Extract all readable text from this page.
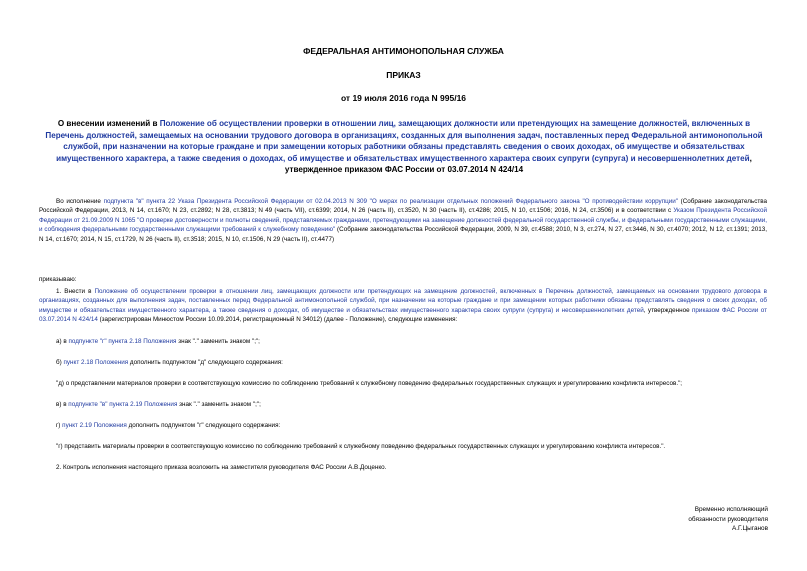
ФЕДЕРАЛЬНАЯ АНТИМОНОПОЛЬНАЯ СЛУЖБА
ПРИКАЗ
от 19 июля 2016 года N 995/16
О внесении изменений в Положение об осуществлении проверки в отношении лиц, замещающих должности или претендующих на замещение должностей, включенных в Перечень должностей, замещаемых на основании трудового договора в организациях, созданных для выполнения задач, поставленных перед Федеральной антимонопольной службой, при назначении на которые граждане и при замещении которых работники обязаны представлять сведения о своих доходах, об имуществе и обязательствах имущественного характера, а также сведения о доходах, об имуществе и обязательствах имущественного характера своих супруги (супруга) и несовершеннолетних детей, утвержденное приказом ФАС России от 03.07.2014 N 424/14
Во исполнение подпункта "в" пункта 22 Указа Президента Российской Федерации от 02.04.2013 N 309 "О мерах по реализации отдельных положений Федерального закона "О противодействии коррупции" (Собрание законодательства Российской Федерации, 2013, N 14, ст.1670; N 23, ст.2892; N 28, ст.3813; N 49 (часть VII), ст.6399; 2014, N 26 (часть II), ст.3520, N 30 (часть II), ст.4286; 2015, N 10, ст.1506; 2016, N 24, ст.3506) и в соответствии с Указом Президента Российской Федерации от 21.09.2009 N 1065 "О проверке достоверности и полноты сведений, представляемых гражданами, претендующими на замещение должностей федеральной государственной службы, и федеральными государственными служащими, и соблюдения федеральными государственными служащими требований к служебному поведению" (Собрание законодательства Российской Федерации, 2009, N 39, ст.4588; 2010, N 3, ст.274, N 27, ст.3446, N 30, ст.4070; 2012, N 12, ст.1391; 2013, N 14, ст.1670; 2014, N 15, ст.1729, N 26 (часть II), ст.3518; 2015, N 10, ст.1506, N 29 (часть II), ст.4477)
приказываю:
1. Внести в Положение об осуществлении проверки в отношении лиц, замещающих должности или претендующих на замещение должностей, включенных в Перечень должностей, замещаемых на основании трудового договора в организациях, созданных для выполнения задач, поставленных перед Федеральной антимонопольной службой, при назначении на которые граждане и при замещении которых работники обязаны представлять сведения о своих доходах, об имуществе и обязательствах имущественного характера, а также сведения о доходах, об имуществе и обязательствах имущественного характера своих супруги (супруга) и несовершеннолетних детей, утвержденное приказом ФАС России от 03.07.2014 N 424/14 (зарегистрирован Минюстом России 10.09.2014, регистрационный N 34012) (далее - Положение), следующие изменения:
а) в подпункте "г" пункта 2.18 Положения знак "." заменить знаком ";";
б) пункт 2.18 Положения дополнить подпунктом "д" следующего содержания:
"д) о представлении материалов проверки в соответствующую комиссию по соблюдению требований к служебному поведению федеральных государственных служащих и урегулированию конфликта интересов.";
в) в подпункте "в" пункта 2.19 Положения знак "." заменить знаком ";";
г) пункт 2.19 Положения дополнить подпунктом "г" следующего содержания:
"г) представить материалы проверки в соответствующую комиссию по соблюдению требований к служебному поведению федеральных государственных служащих и урегулированию конфликта интересов.".
2. Контроль исполнения настоящего приказа возложить на заместителя руководителя ФАС России А.В.Доценко.
Временно исполняющий
обязанности руководителя
А.Г.Цыганов
